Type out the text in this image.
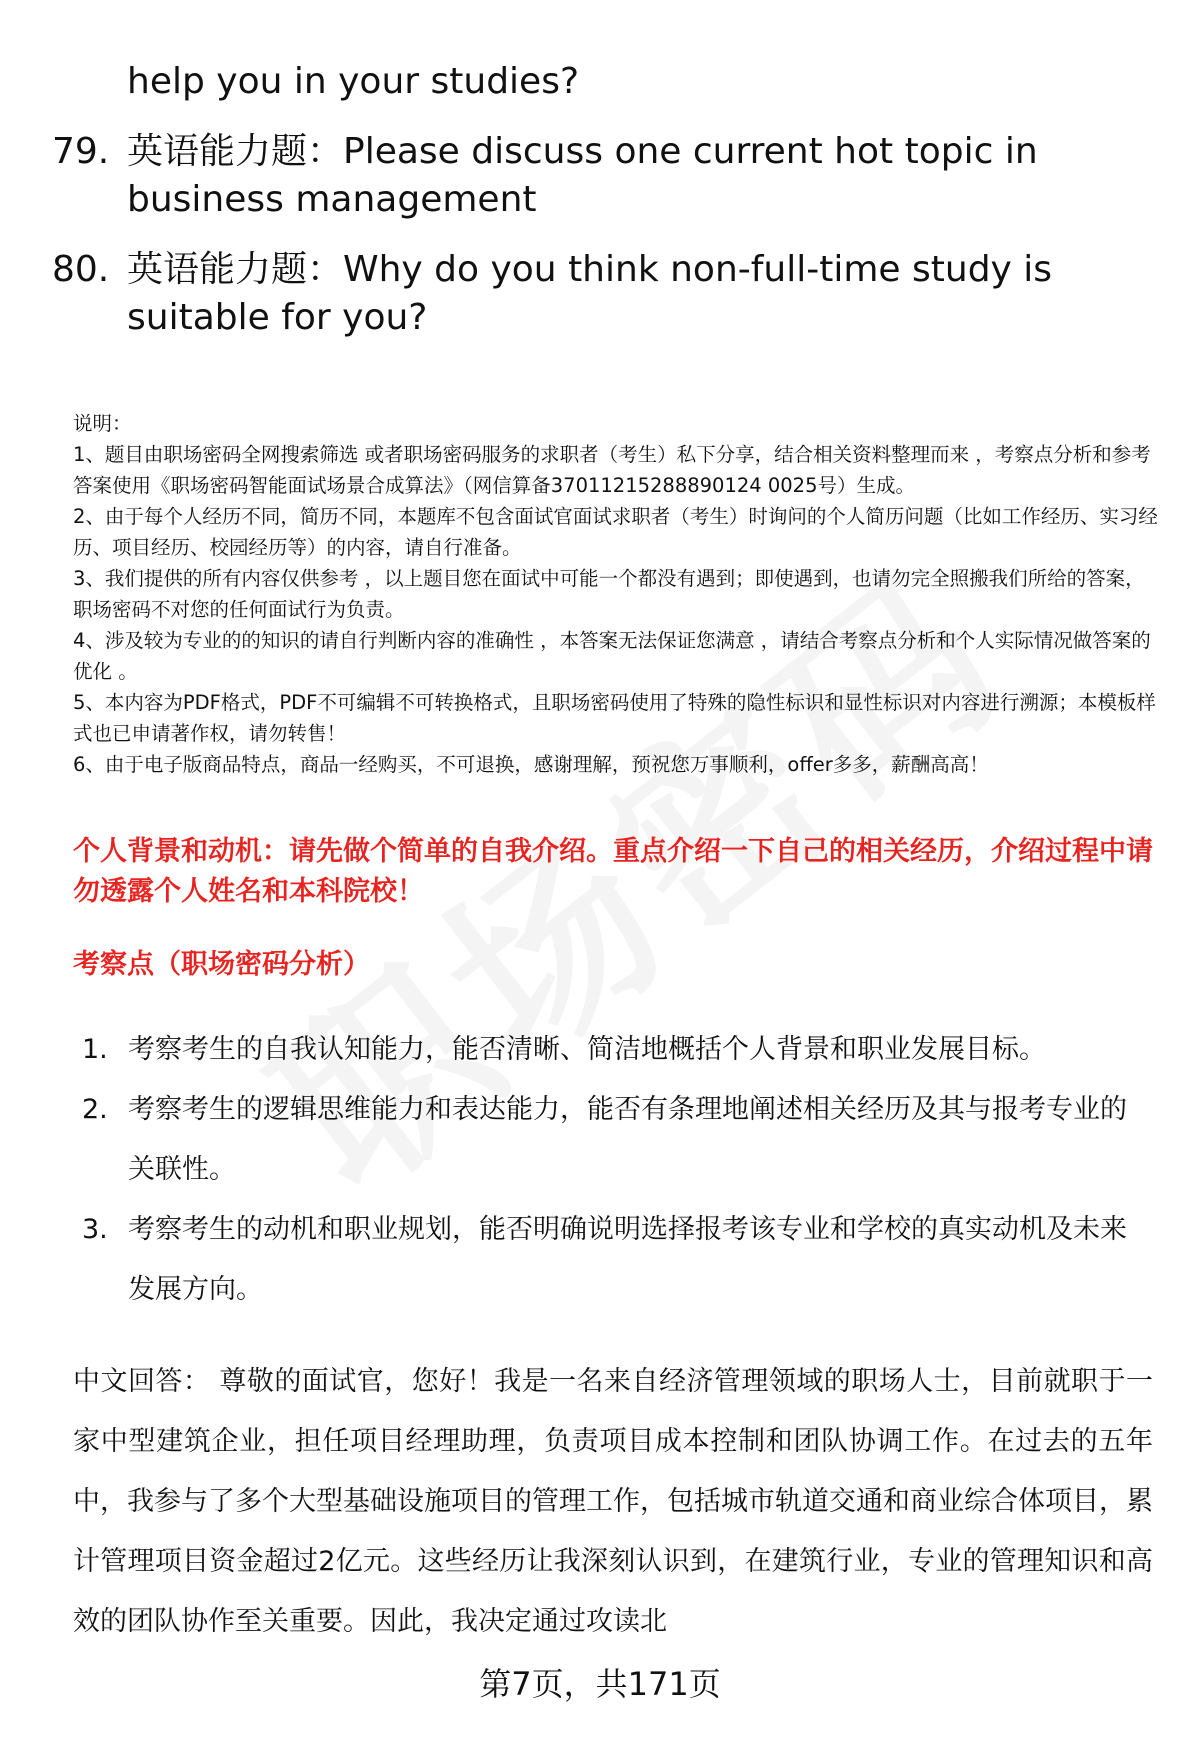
help you in your studies?
79. 英语能力题：Please discuss one current hot topic in business management
80. 英语能力题：Why do you think non-full-time study is suitable for you?

说明：

1、题目由职场密码全网搜索筛选 或者职场密码服务的求职者（考生）私下分享，结合相关资料整理而来 ，考察点分析和参考答案使用《职场密码智能面试场景合成算法》（网信算备37011215288890124 0025号）生成。

2、由于每个人经历不同，简历不同，本题库不包含面试官面试求职者（考生）时询问的个人简历问题（比如工作经历、实习经历、项目经历、校园经历等）的内容，请自行准备。

3、我们提供的所有内容仅供参考 ，以上题目您在面试中可能一个都没有遇到；即使遇到，也请勿完全照搬我们所给的答案，职场密码不对您的任何面试行为负责。

4、涉及较为专业的的知识的请自行判断内容的准确性 ，本答案无法保证您满意 ，请结合考察点分析和个人实际情况做答案的优化 。

5、本内容为PDF格式，PDF不可编辑不可转换格式，且职场密码使用了特殊的隐性标识和显性标识对内容进行溯源；本模板样式也已申请著作权，请勿转售！

6、由于电子版商品特点，商品一经购买，不可退换，感谢理解，预祝您万事顺利，offer多多，薪酬高高！

个人背景和动机：请先做个简单的自我介绍。重点介绍一下自己的相关经历，介绍过程中请勿透露个人姓名和本科院校！
考察点（职场密码分析）
1. 考察考生的自我认知能力，能否清晰、简洁地概括个人背景和职业发展目标。
2. 考察考生的逻辑思维能力和表达能力，能否有条理地阐述相关经历及其与报考专业的关联性。
3. 考察考生的动机和职业规划，能否明确说明选择报考该专业和学校的真实动机及未来发展方向。
中文回答： 尊敬的面试官，您好！我是一名来自经济管理领域的职场人士，目前就职于一家中型建筑企业，担任项目经理助理，负责项目成本控制和团队协调工作。在过去的五年中，我参与了多个大型基础设施项目的管理工作，包括城市轨道交通和商业综合体项目，累计管理项目资金超过2亿元。这些经历让我深刻认识到，在建筑行业，专业的管理知识和高效的团队协作至关重要。因此，我决定通过攻读北
第7页，共171页
